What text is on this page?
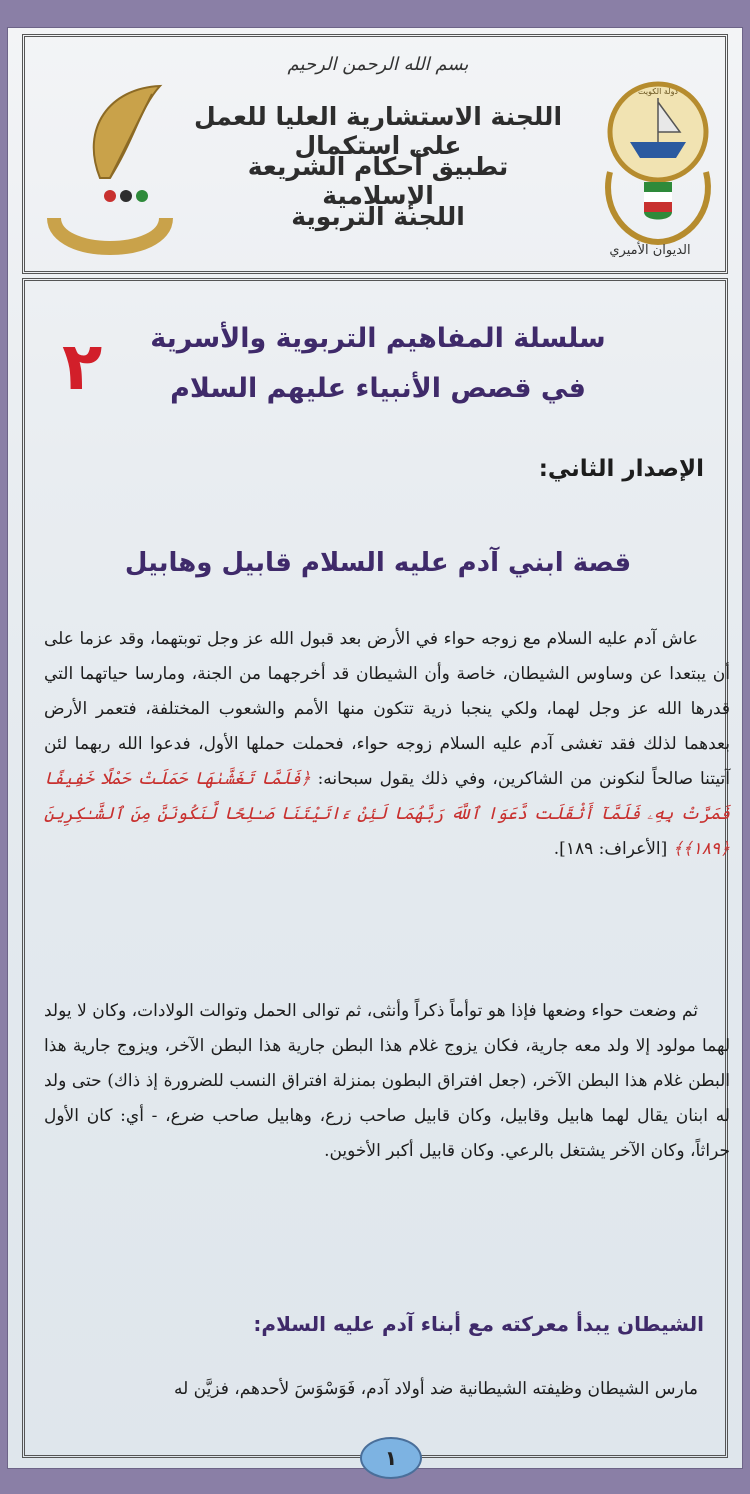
بسم الله الرحمن الرحيم
اللجنة الاستشارية العليا للعمل على استكمال
تطبيق أحكام الشريعة الإسلامية
اللجنة التربوية
تدن	الديوان الأميري
دولة الكويت
سلسلة المفاهيم التربوية والأسرية
في قصص الأنبياء عليهم السلام
٢
الإصدار الثاني:
قصة ابني آدم عليه السلام قابيل وهابيل
عاش آدم عليه السلام مع زوجه حواء في الأرض بعد قبول الله عز وجل توبتهما، وقد عزما على أن يبتعدا عن وساوس الشيطان، خاصة وأن الشيطان قد أخرجهما من الجنة، ومارسا حياتهما التي قدرها الله عز وجل لهما، ولكي ينجبا ذرية تتكون منها الأمم والشعوب المختلفة، فتعمر الأرض بعدهما لذلك فقد تغشى آدم عليه السلام زوجه حواء، فحملت حملها الأول، فدعوا الله ربهما لئن آتيتنا صالحاً لنكونن من الشاكرين، وفي ذلك يقول سبحانه: ﴿فَلَمَّا تَغَشَّىٰهَا حَمَلَتْ حَمْلًا خَفِيفًا فَمَرَّتْ بِهِۦ فَلَمَّآ أَثْقَلَت دَّعَوَا ٱللَّهَ رَبَّهُمَا لَئِنْ ءَاتَيْتَنَا صَـٰلِحًا لَّنَكُونَنَّ مِنَ ٱلشَّـٰكِرِينَ ﴿١٨٩﴾﴾ [الأعراف: ١٨٩].
ثم وضعت حواء وضعها فإذا هو توأماً ذكراً وأنثى، ثم توالى الحمل وتوالت الولادات، وكان لا يولد لهما مولود إلا ولد معه جارية، فكان يزوج غلام هذا البطن جارية هذا البطن الآخر، ويزوج جارية هذا البطن غلام هذا البطن الآخر، (جعل افتراق البطون بمنزلة افتراق النسب للضرورة إذ ذاك) حتى ولد له ابنان يقال لهما هابيل وقابيل، وكان قابيل صاحب زرع، وهابيل صاحب ضرع، - أي: كان الأول حراثاً، وكان الآخر يشتغل بالرعي. وكان قابيل أكبر الأخوين.
الشيطان يبدأ معركته مع أبناء آدم عليه السلام:
مارس الشيطان وظيفته الشيطانية ضد أولاد آدم، فَوَسْوَسَ لأحدهم، فزيَّن له
١
